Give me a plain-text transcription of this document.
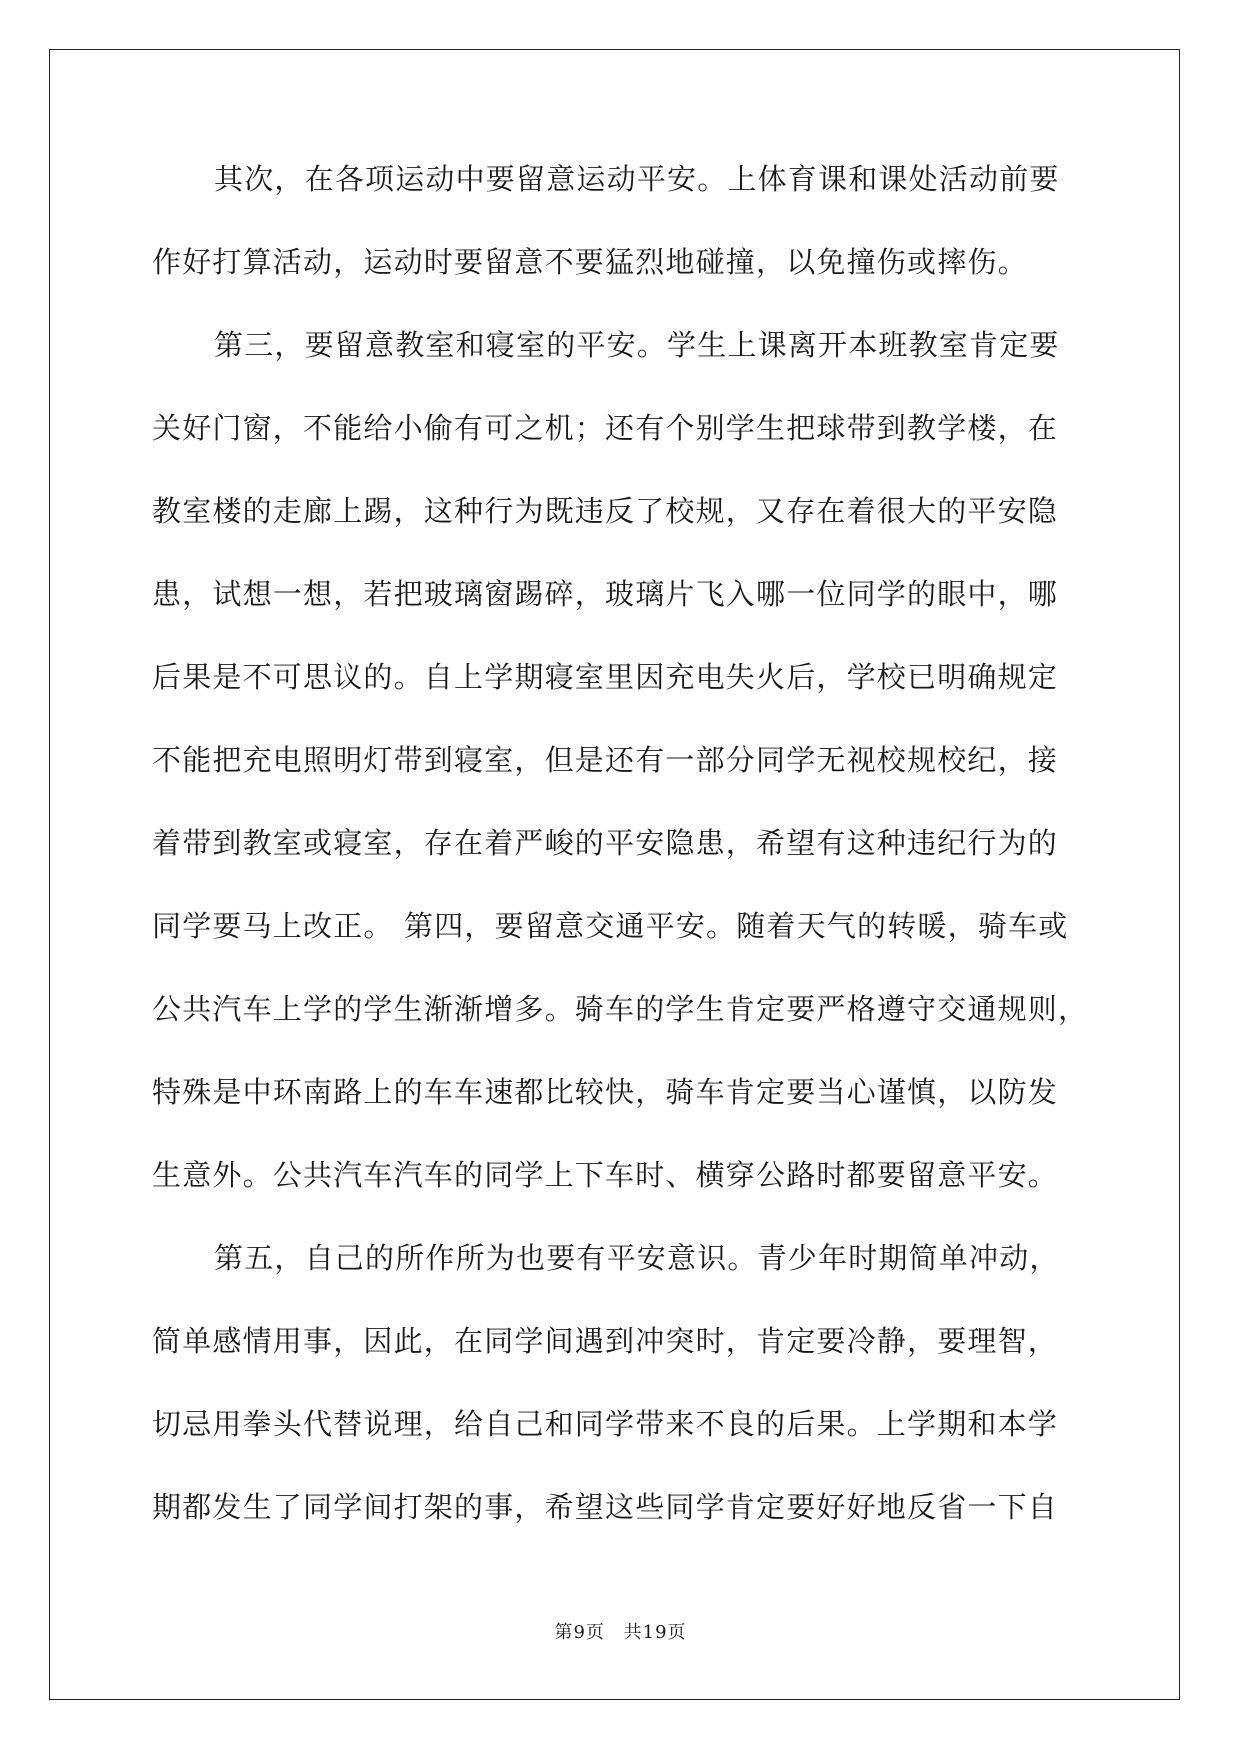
其次，在各项运动中要留意运动平安。上体育课和课处活动前要
作好打算活动，运动时要留意不要猛烈地碰撞，以免撞伤或摔伤。
第三，要留意教室和寝室的平安。学生上课离开本班教室肯定要
关好门窗，不能给小偷有可之机；还有个别学生把球带到教学楼，在
教室楼的走廊上踢，这种行为既违反了校规，又存在着很大的平安隐
患，试想一想，若把玻璃窗踢碎，玻璃片飞入哪一位同学的眼中，哪
后果是不可思议的。自上学期寝室里因充电失火后，学校已明确规定
不能把充电照明灯带到寝室，但是还有一部分同学无视校规校纪，接
着带到教室或寝室，存在着严峻的平安隐患，希望有这种违纪行为的
同学要马上改正。 第四，要留意交通平安。随着天气的转暖，骑车或
公共汽车上学的学生渐渐增多。骑车的学生肯定要严格遵守交通规则，
特殊是中环南路上的车车速都比较快，骑车肯定要当心谨慎，以防发
生意外。公共汽车汽车的同学上下车时、横穿公路时都要留意平安。
第五，自己的所作所为也要有平安意识。青少年时期简单冲动，
简单感情用事，因此，在同学间遇到冲突时，肯定要冷静，要理智，
切忌用拳头代替说理，给自己和同学带来不良的后果。上学期和本学
期都发生了同学间打架的事，希望这些同学肯定要好好地反省一下自
第9页 共19页
